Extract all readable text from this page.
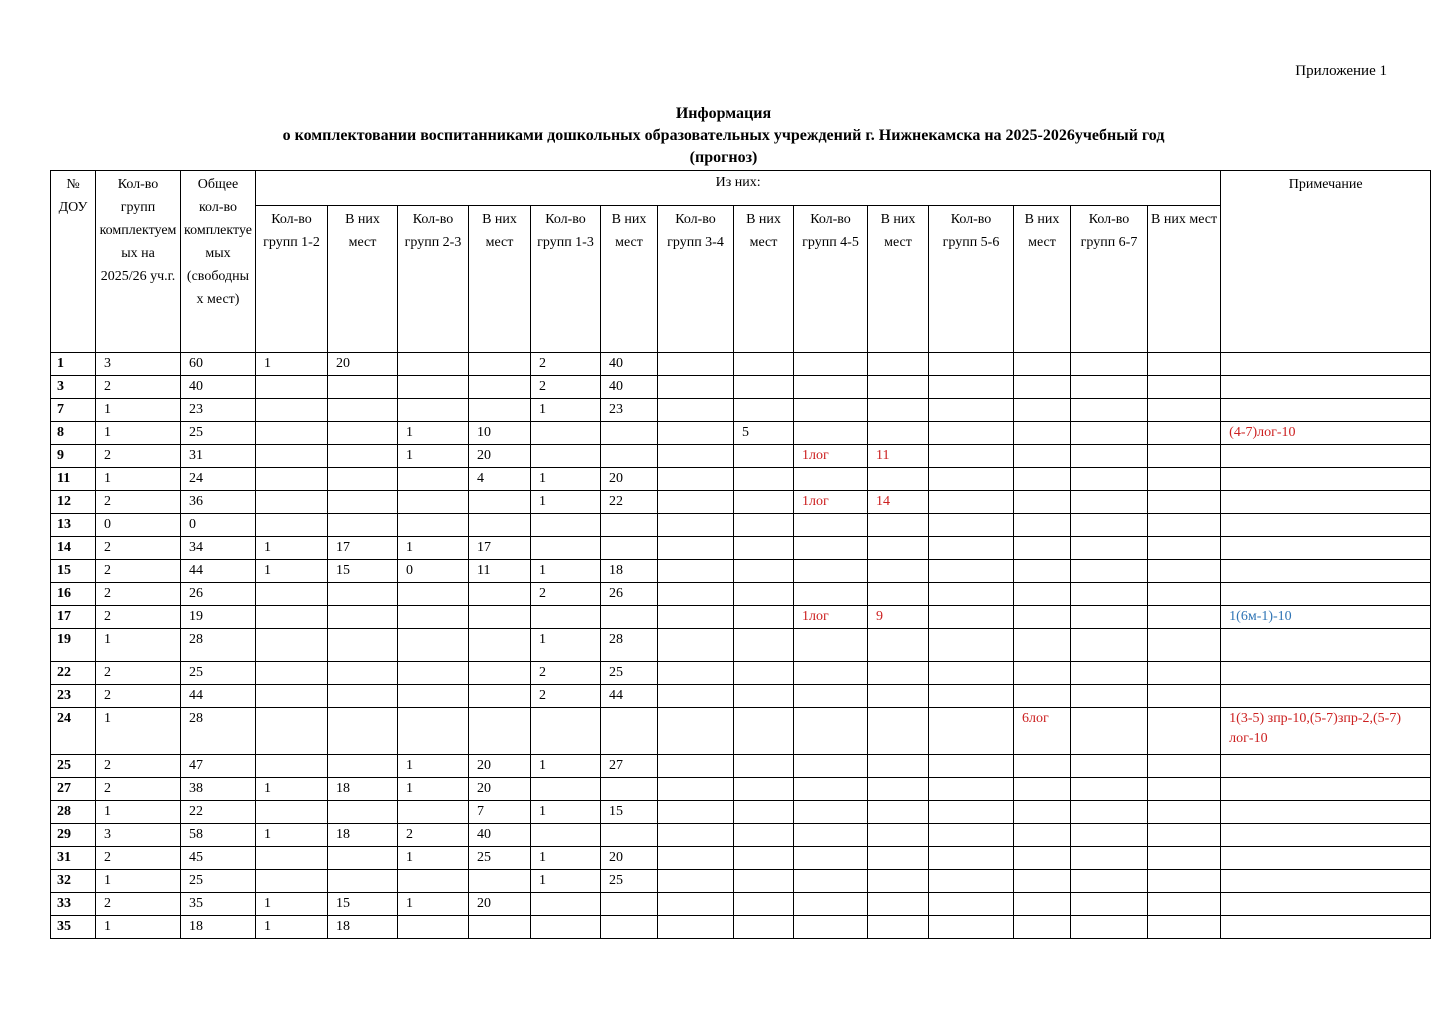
Приложение 1
Информация
о комплектовании воспитанниками дошкольных образовательных учреждений г. Нижнекамска на 2025-2026учебный год
(прогноз)
№ ДОУ	Кол-во групп комплектуемых на 2025/26 уч.г.	Общее кол-во комплектуемых (свободных мест)	Из них:														Примечание
			Кол-во групп 1-2	В них мест	Кол-во групп 2-3	В них мест	Кол-во групп 1-3	В них мест	Кол-во групп 3-4	В них мест	Кол-во групп 4-5	В них мест	Кол-во групп 5-6	В них мест	Кол-во групп 6-7	В них мест	
1	3	60	1	20			2	40									
3	2	40					2	40									
7	1	23					1	23									
8	1	25			1	10				5							(4-7)лог-10
9	2	31			1	20					1лог	11					
11	1	24				4	1	20									
12	2	36					1	22			1лог	14					
13	0	0															
14	2	34	1	17	1	17											
15	2	44	1	15	0	11	1	18									
16	2	26					2	26									
17	2	19									1лог	9					1(6м-1)-10
19	1	28					1	28									
22	2	25					2	25									
23	2	44					2	44									
24	1	28												6лог			1(3-5) зпр-10,(5-7)зпр-2,(5-7) лог-10
25	2	47			1	20	1	27									
27	2	38	1	18	1	20											
28	1	22				7	1	15									
29	3	58	1	18	2	40											
31	2	45			1	25	1	20									
32	1	25					1	25									
33	2	35	1	15	1	20											
35	1	18	1	18													
